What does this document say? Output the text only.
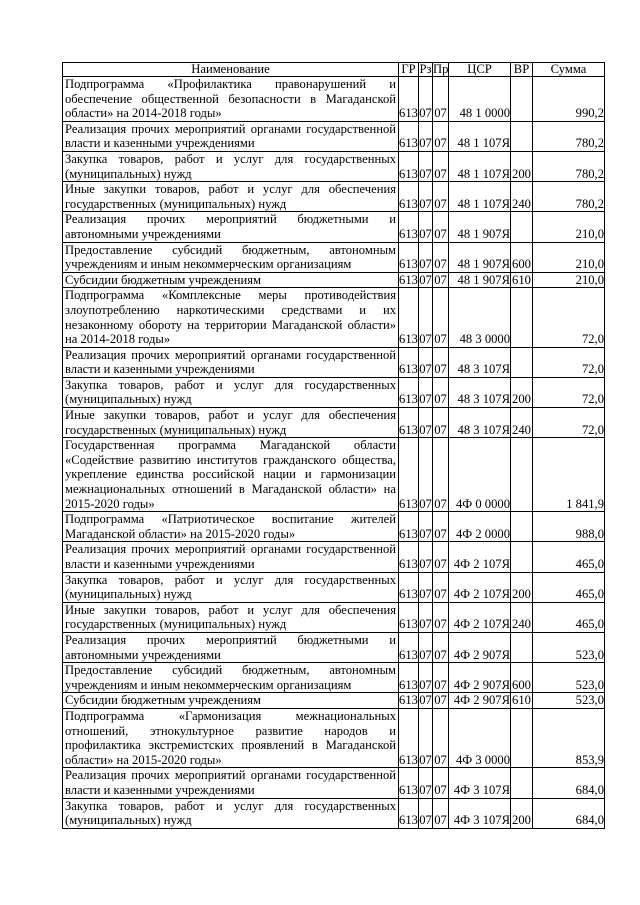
Наименование	ГР	Рз	Пр	ЦСР	ВР	Сумма

Подпрограмма «Профилактика правонарушений и
обеспечение общественной безопасности в Магаданской
области» на 2014-2018 годы»	613	07	07	48 1 0000		990,2

Реализация прочих мероприятий органами государственной
власти и казенными учреждениями	613	07	07	48 1 107Я		780,2

Закупка товаров, работ и услуг для государственных
(муниципальных) нужд	613	07	07	48 1 107Я	200	780,2

Иные закупки товаров, работ и услуг для обеспечения
государственных (муниципальных) нужд	613	07	07	48 1 107Я	240	780,2

Реализация прочих мероприятий бюджетными и
автономными учреждениями	613	07	07	48 1 907Я		210,0

Предоставление субсидий бюджетным, автономным
учреждениям и иным некоммерческим организациям	613	07	07	48 1 907Я	600	210,0

Субсидии бюджетным учреждениям	613	07	07	48 1 907Я	610	210,0

Подпрограмма «Комплексные меры противодействия
злоупотреблению наркотическими средствами и их
незаконному обороту на территории Магаданской области»
на 2014-2018 годы»	613	07	07	48 3 0000		72,0

Реализация прочих мероприятий органами государственной
власти и казенными учреждениями	613	07	07	48 3 107Я		72,0

Закупка товаров, работ и услуг для государственных
(муниципальных) нужд	613	07	07	48 3 107Я	200	72,0

Иные закупки товаров, работ и услуг для обеспечения
государственных (муниципальных) нужд	613	07	07	48 3 107Я	240	72,0

Государственная программа Магаданской области
«Содействие развитию институтов гражданского общества,
укрепление единства российской нации и гармонизации
межнациональных отношений в Магаданской области» на
2015-2020 годы»	613	07	07	4Ф 0 0000		1 841,9

Подпрограмма «Патриотическое воспитание жителей
Магаданской области» на 2015-2020 годы»	613	07	07	4Ф 2 0000		988,0

Реализация прочих мероприятий органами государственной
власти и казенными учреждениями	613	07	07	4Ф 2 107Я		465,0

Закупка товаров, работ и услуг для государственных
(муниципальных) нужд	613	07	07	4Ф 2 107Я	200	465,0

Иные закупки товаров, работ и услуг для обеспечения
государственных (муниципальных) нужд	613	07	07	4Ф 2 107Я	240	465,0

Реализация прочих мероприятий бюджетными и
автономными учреждениями	613	07	07	4Ф 2 907Я		523,0

Предоставление субсидий бюджетным, автономным
учреждениям и иным некоммерческим организациям	613	07	07	4Ф 2 907Я	600	523,0

Субсидии бюджетным учреждениям	613	07	07	4Ф 2 907Я	610	523,0

Подпрограмма «Гармонизация межнациональных
отношений, этнокультурное развитие народов и
профилактика экстремистских проявлений в Магаданской
области» на 2015-2020 годы»	613	07	07	4Ф 3 0000		853,9

Реализация прочих мероприятий органами государственной
власти и казенными учреждениями	613	07	07	4Ф 3 107Я		684,0

Закупка товаров, работ и услуг для государственных
(муниципальных) нужд	613	07	07	4Ф 3 107Я	200	684,0
